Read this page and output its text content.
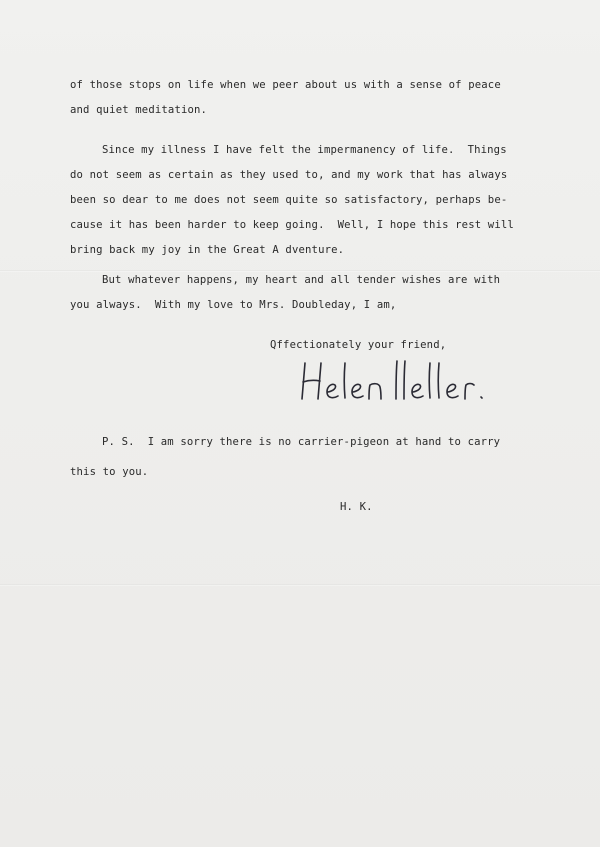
of those stops on life when we peer about us with a sense of peace

and quiet meditation.

Since my illness I have felt the impermanency of life.  Things

do not seem as certain as they used to, and my work that has always

been so dear to me does not seem quite so satisfactory, perhaps be-

cause it has been harder to keep going.  Well, I hope this rest will

bring back my joy in the Great A dventure.

But whatever happens, my heart and all tender wishes are with

you always.  With my love to Mrs. Doubleday, I am,

Qffectionately your friend,

P. S.  I am sorry there is no carrier-pigeon at hand to carry

this to you.

H. K.
